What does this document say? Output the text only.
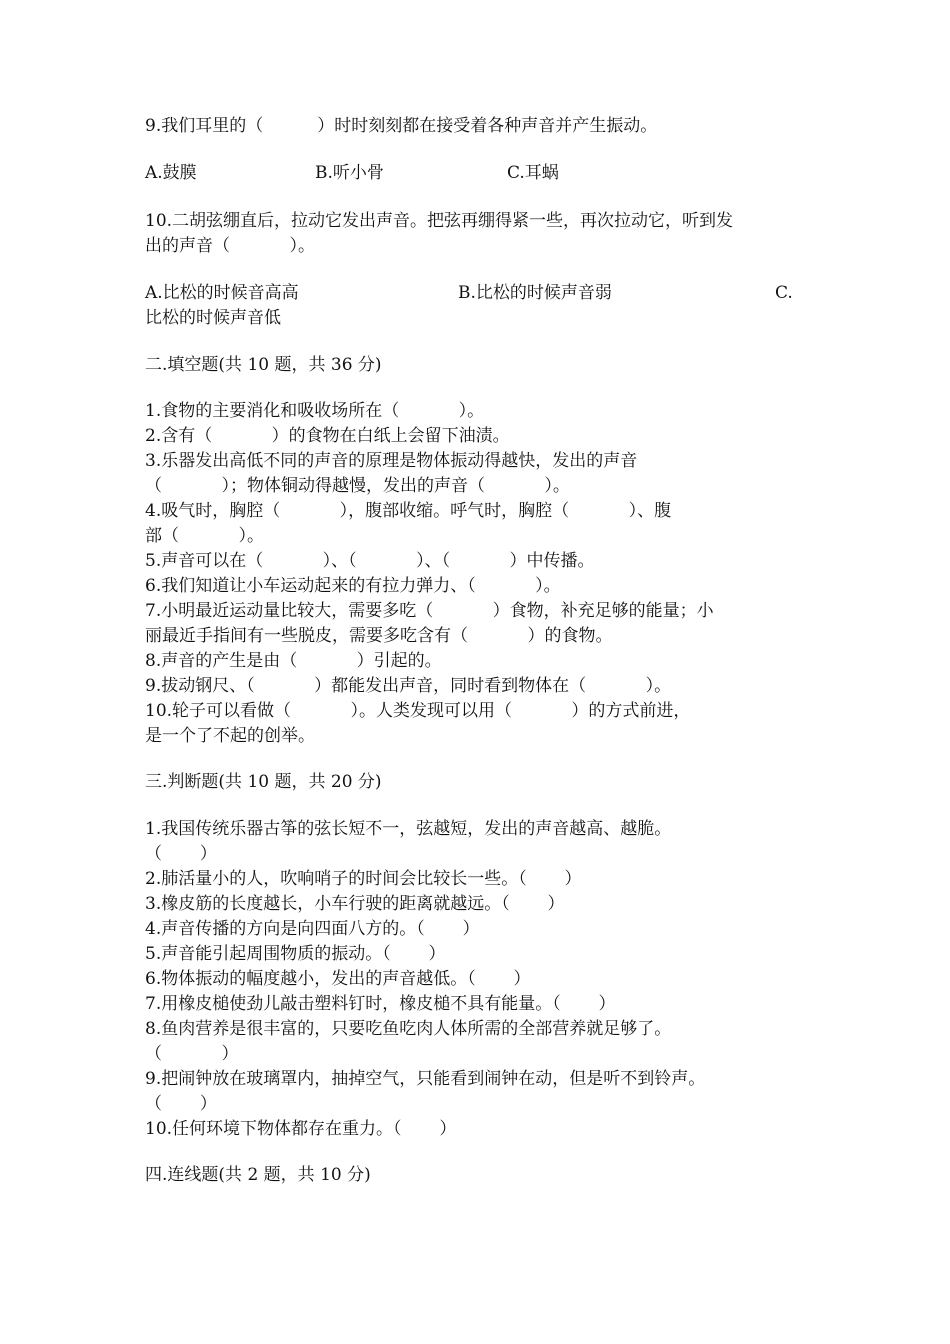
9.我们耳里的（          ）时时刻刻都在接受着各种声音并产生振动。
A.鼓膜	B.听小骨	C.耳蜗
10.二胡弦绷直后，拉动它发出声音。把弦再绷得紧一些，再次拉动它，听到发
出的声音（           ）。
A.比松的时候音高高	B.比松的时候声音弱	C.
比松的时候声音低
二.填空题(共 10 题，共 36 分)
1.食物的主要消化和吸收场所在（           ）。
2.含有（           ）的食物在白纸上会留下油渍。
3.乐器发出高低不同的声音的原理是物体振动得越快，发出的声音
（           ）；物体铜动得越慢，发出的声音（           ）。
4.吸气时，胸腔（           ），腹部收缩。呼气时，胸腔（           ）、腹
部（           ）。
5.声音可以在（           ）、（           ）、（           ）中传播。
6.我们知道让小车运动起来的有拉力弹力、（           ）。
7.小明最近运动量比较大，需要多吃（           ）食物，补充足够的能量；小
丽最近手指间有一些脱皮，需要多吃含有（           ）的食物。
8.声音的产生是由（           ）引起的。
9.拔动钢尺、（           ）都能发出声音，同时看到物体在（           ）。
10.轮子可以看做（           ）。人类发现可以用（           ）的方式前进，
是一个了不起的创举。
三.判断题(共 10 题，共 20 分)
1.我国传统乐器古筝的弦长短不一，弦越短，发出的声音越高、越脆。
（       ）
2.肺活量小的人，吹响哨子的时间会比较长一些。（       ）
3.橡皮筋的长度越长，小车行驶的距离就越远。（       ）
4.声音传播的方向是向四面八方的。（       ）
5.声音能引起周围物质的振动。（       ）
6.物体振动的幅度越小，发出的声音越低。（       ）
7.用橡皮槌使劲儿敲击塑料钉时，橡皮槌不具有能量。（       ）
8.鱼肉营养是很丰富的，只要吃鱼吃肉人体所需的全部营养就足够了。
（           ）
9.把闹钟放在玻璃罩内，抽掉空气，只能看到闹钟在动，但是听不到铃声。
（       ）
10.任何环境下物体都存在重力。（       ）
四.连线题(共 2 题，共 10 分)
